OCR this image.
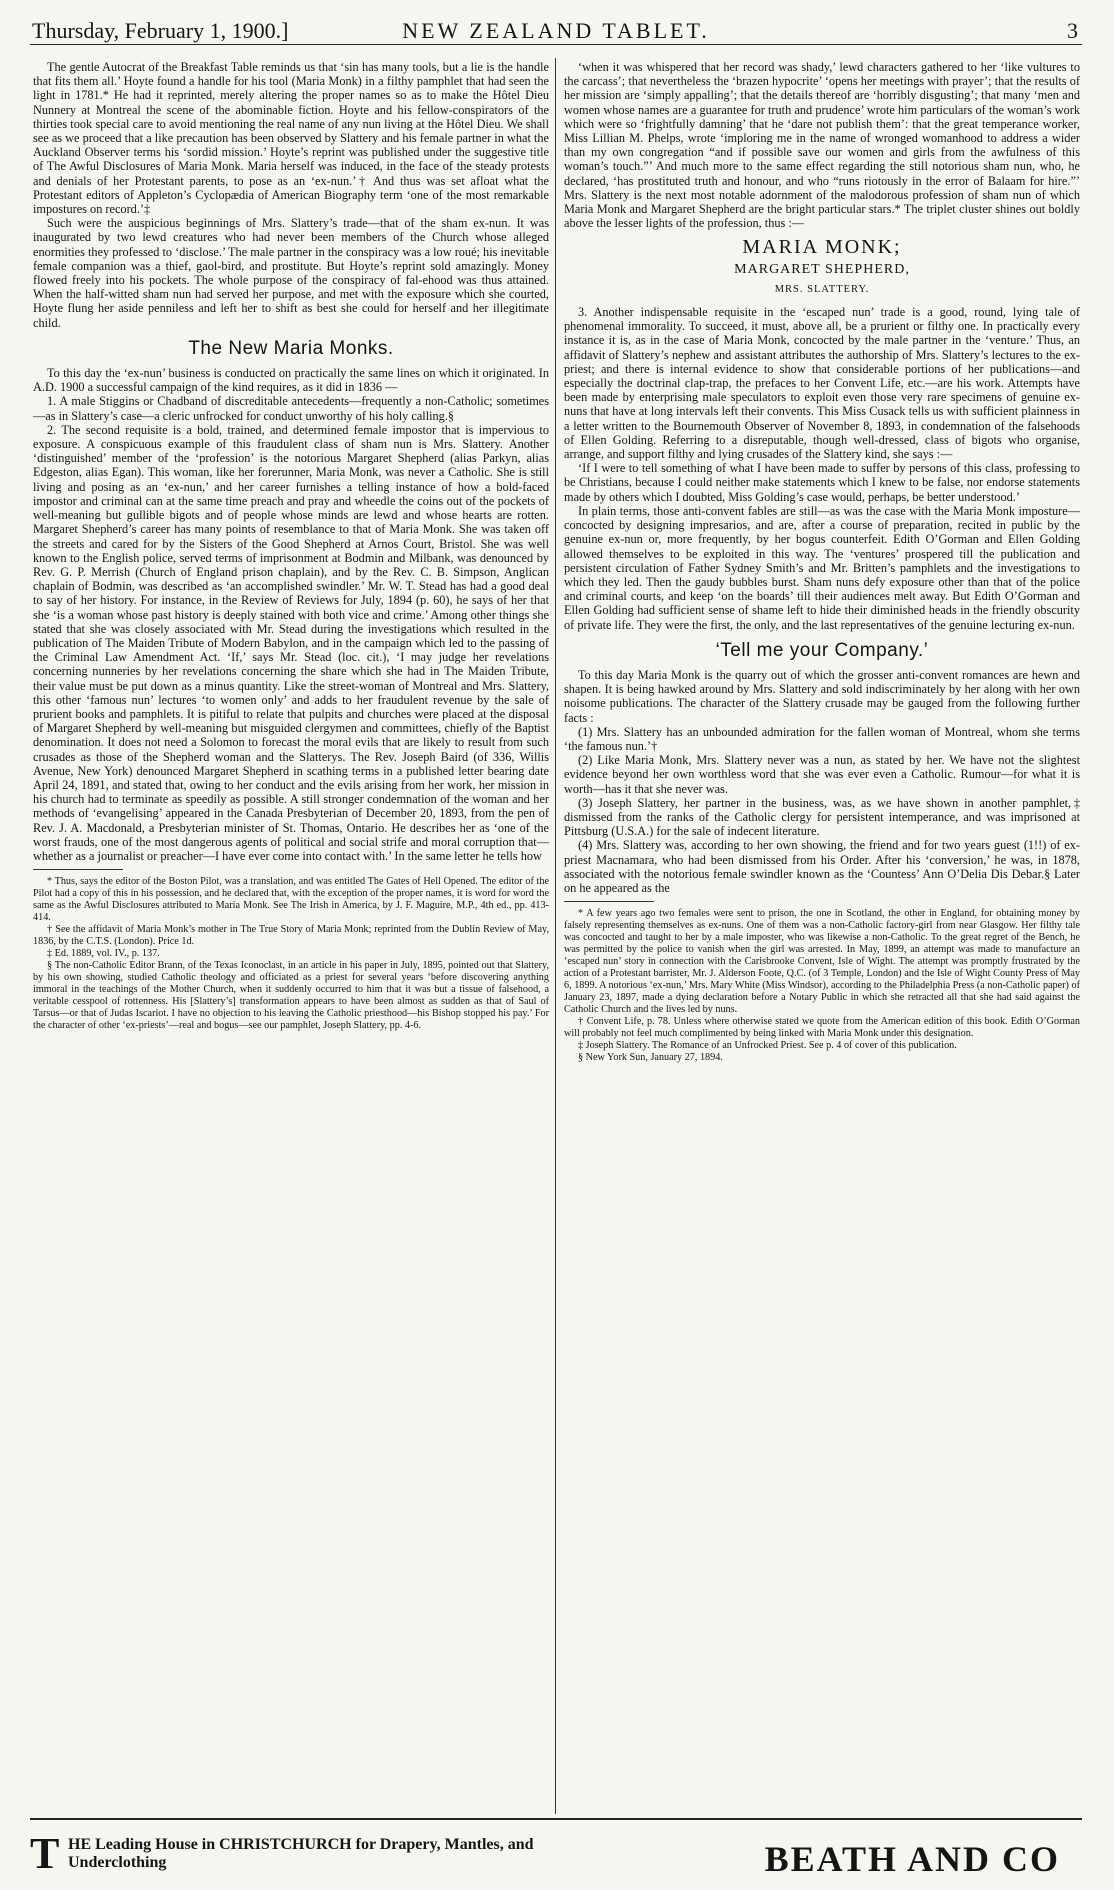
Thursday, February 1, 1900.]	NEW ZEALAND TABLET.	3

The gentle Autocrat of the Breakfast Table reminds us that ‘sin has many tools, but a lie is the handle that fits them all.’ Hoyte found a handle for his tool (Maria Monk) in a filthy pamphlet that had seen the light in 1781.* He had it reprinted, merely altering the proper names so as to make the Hôtel Dieu Nunnery at Montreal the scene of the abominable fiction. Hoyte and his fellow-conspirators of the thirties took special care to avoid mentioning the real name of any nun living at the Hôtel Dieu. We shall see as we proceed that a like precaution has been observed by Slattery and his female partner in what the Auckland Observer terms his ‘sordid mission.’ Hoyte’s reprint was published under the suggestive title of The Awful Disclosures of Maria Monk. Maria herself was induced, in the face of the steady protests and denials of her Protestant parents, to pose as an ‘ex-nun.’† And thus was set afloat what the Protestant editors of Appleton’s Cyclopædia of American Biography term ‘one of the most remarkable impostures on record.’‡

Such were the auspicious beginnings of Mrs. Slattery’s trade—that of the sham ex-nun. It was inaugurated by two lewd creatures who had never been members of the Church whose alleged enormities they professed to ‘disclose.’ The male partner in the conspiracy was a low roué; his inevitable female companion was a thief, gaol-bird, and prostitute. But Hoyte’s reprint sold amazingly. Money flowed freely into his pockets. The whole purpose of the conspiracy of fal-ehood was thus attained. When the half-witted sham nun had served her purpose, and met with the exposure which she courted, Hoyte flung her aside penniless and left her to shift as best she could for herself and her illegitimate child.

The New Maria Monks.

To this day the ‘ex-nun’ business is conducted on practically the same lines on which it originated. In A.D. 1900 a successful campaign of the kind requires, as it did in 1836 —

1. A male Stiggins or Chadband of discreditable antecedents—frequently a non-Catholic; sometimes—as in Slattery’s case—a cleric unfrocked for conduct unworthy of his holy calling.§

2. The second requisite is a bold, trained, and determined female impostor that is impervious to exposure. A conspicuous example of this fraudulent class of sham nun is Mrs. Slattery. Another ‘distinguished’ member of the ‘profession’ is the notorious Margaret Shepherd (alias Parkyn, alias Edgeston, alias Egan). This woman, like her forerunner, Maria Monk, was never a Catholic. She is still living and posing as an ‘ex-nun,’ and her career furnishes a telling instance of how a bold-faced impostor and criminal can at the same time preach and pray and wheedle the coins out of the pockets of well-meaning but gullible bigots and of people whose minds are lewd and whose hearts are rotten. Margaret Shepherd’s career has many points of resemblance to that of Maria Monk. She was taken off the streets and cared for by the Sisters of the Good Shepherd at Arnos Court, Bristol. She was well known to the English police, served terms of imprisonment at Bodmin and Milbank, was denounced by Rev. G. P. Merrish (Church of England prison chaplain), and by the Rev. C. B. Simpson, Anglican chaplain of Bodmin, was described as ‘an accomplished swindler.’ Mr. W. T. Stead has had a good deal to say of her history. For instance, in the Review of Reviews for July, 1894 (p. 60), he says of her that she ‘is a woman whose past history is deeply stained with both vice and crime.’ Among other things she stated that she was closely associated with Mr. Stead during the investigations which resulted in the publication of The Maiden Tribute of Modern Babylon, and in the campaign which led to the passing of the Criminal Law Amendment Act. ‘If,’ says Mr. Stead (loc. cit.), ‘I may judge her revelations concerning nunneries by her revelations concerning the share which she had in The Maiden Tribute, their value must be put down as a minus quantity. Like the street-woman of Montreal and Mrs. Slattery, this other ‘famous nun’ lectures ‘to women only’ and adds to her fraudulent revenue by the sale of prurient books and pamphlets. It is pitiful to relate that pulpits and churches were placed at the disposal of Margaret Shepherd by well-meaning but misguided clergymen and committees, chiefly of the Baptist denomination. It does not need a Solomon to forecast the moral evils that are likely to result from such crusades as those of the Shepherd woman and the Slatterys. The Rev. Joseph Baird (of 336, Willis Avenue, New York) denounced Margaret Shepherd in scathing terms in a published letter bearing date April 24, 1891, and stated that, owing to her conduct and the evils arising from her work, her mission in his church had to terminate as speedily as possible. A still stronger condemnation of the woman and her methods of ‘evangelising’ appeared in the Canada Presbyterian of December 20, 1893, from the pen of Rev. J. A. Macdonald, a Presbyterian minister of St. Thomas, Ontario. He describes her as ‘one of the worst frauds, one of the most dangerous agents of political and social strife and moral corruption that—whether as a journalist or preacher—I have ever come into contact with.’ In the same letter he tells how

* Thus, says the editor of the Boston Pilot, was a translation, and was entitled The Gates of Hell Opened. The editor of the Pilot had a copy of this in his possession, and he declared that, with the exception of the proper names, it is word for word the same as the Awful Disclosures attributed to Maria Monk. See The Irish in America, by J. F. Maguire, M.P., 4th ed., pp. 413-414.

† See the affidavit of Maria Monk’s mother in The True Story of Maria Monk; reprinted from the Dublin Review of May, 1836, by the C.T.S. (London). Price 1d.

‡ Ed. 1889, vol. IV., p. 137.

§ The non-Catholic Editor Brann, of the Texas Iconoclast, in an article in his paper in July, 1895, pointed out that Slattery, by his own showing, studied Catholic theology and officiated as a priest for several years ‘before discovering anything immoral in the teachings of the Mother Church, when it suddenly occurred to him that it was but a tissue of falsehood, a veritable cesspool of rottenness. His [Slattery’s] transformation appears to have been almost as sudden as that of Saul of Tarsus—or that of Judas Iscariot. I have no objection to his leaving the Catholic priesthood—his Bishop stopped his pay.’ For the character of other ‘ex-priests’—real and bogus—see our pamphlet, Joseph Slattery, pp. 4-6.

‘when it was whispered that her record was shady,’ lewd characters gathered to her ‘like vultures to the carcass’; that nevertheless the ‘brazen hypocrite’ ‘opens her meetings with prayer’; that the results of her mission are ‘simply appalling’; that the details thereof are ‘horribly disgusting’; that many ‘men and women whose names are a guarantee for truth and prudence’ wrote him particulars of the woman’s work which were so ‘frightfully damning’ that he ‘dare not publish them’: that the great temperance worker, Miss Lillian M. Phelps, wrote ‘imploring me in the name of wronged womanhood to address a wider than my own congregation “and if possible save our women and girls from the awfulness of this woman’s touch.”’ And much more to the same effect regarding the still notorious sham nun, who, he declared, ‘has prostituted truth and honour, and who “runs riotously in the error of Balaam for hire.”’ Mrs. Slattery is the next most notable adornment of the malodorous profession of sham nun of which Maria Monk and Margaret Shepherd are the bright particular stars.* The triplet cluster shines out boldly above the lesser lights of the profession, thus :—

MARIA MONK;
MARGARET SHEPHERD,
MRS. SLATTERY.

3. Another indispensable requisite in the ‘escaped nun’ trade is a good, round, lying tale of phenomenal immorality. To succeed, it must, above all, be a prurient or filthy one. In practically every instance it is, as in the case of Maria Monk, concocted by the male partner in the ‘venture.’ Thus, an affidavit of Slattery’s nephew and assistant attributes the authorship of Mrs. Slattery’s lectures to the ex-priest; and there is internal evidence to show that considerable portions of her publications—and especially the doctrinal clap-trap, the prefaces to her Convent Life, etc.—are his work. Attempts have been made by enterprising male speculators to exploit even those very rare specimens of genuine ex-nuns that have at long intervals left their convents. This Miss Cusack tells us with sufficient plainness in a letter written to the Bournemouth Observer of November 8, 1893, in condemnation of the falsehoods of Ellen Golding. Referring to a disreputable, though well-dressed, class of bigots who organise, arrange, and support filthy and lying crusades of the Slattery kind, she says :—

‘If I were to tell something of what I have been made to suffer by persons of this class, professing to be Christians, because I could neither make statements which I knew to be false, nor endorse statements made by others which I doubted, Miss Golding’s case would, perhaps, be better understood.’

In plain terms, those anti-convent fables are still—as was the case with the Maria Monk imposture—concocted by designing impresarios, and are, after a course of preparation, recited in public by the genuine ex-nun or, more frequently, by her bogus counterfeit. Edith O’Gorman and Ellen Golding allowed themselves to be exploited in this way. The ‘ventures’ prospered till the publication and persistent circulation of Father Sydney Smith’s and Mr. Britten’s pamphlets and the investigations to which they led. Then the gaudy bubbles burst. Sham nuns defy exposure other than that of the police and criminal courts, and keep ‘on the boards’ till their audiences melt away. But Edith O’Gorman and Ellen Golding had sufficient sense of shame left to hide their diminished heads in the friendly obscurity of private life. They were the first, the only, and the last representatives of the genuine lecturing ex-nun.

‘Tell me your Company.’

To this day Maria Monk is the quarry out of which the grosser anti-convent romances are hewn and shapen. It is being hawked around by Mrs. Slattery and sold indiscriminately by her along with her own noisome publications. The character of the Slattery crusade may be gauged from the following further facts :

(1) Mrs. Slattery has an unbounded admiration for the fallen woman of Montreal, whom she terms ‘the famous nun.’†

(2) Like Maria Monk, Mrs. Slattery never was a nun, as stated by her. We have not the slightest evidence beyond her own worthless word that she was ever even a Catholic. Rumour—for what it is worth—has it that she never was.

(3) Joseph Slattery, her partner in the business, was, as we have shown in another pamphlet,‡ dismissed from the ranks of the Catholic clergy for persistent intemperance, and was imprisoned at Pittsburg (U.S.A.) for the sale of indecent literature.

(4) Mrs. Slattery was, according to her own showing, the friend and for two years guest (1!!) of ex-priest Macnamara, who had been dismissed from his Order. After his ‘conversion,’ he was, in 1878, associated with the notorious female swindler known as the ‘Countess’ Ann O’Delia Dis Debar.§ Later on he appeared as the

* A few years ago two females were sent to prison, the one in Scotland, the other in England, for obtaining money by falsely representing themselves as ex-nuns. One of them was a non-Catholic factory-girl from near Glasgow. Her filthy tale was concocted and taught to her by a male imposter, who was likewise a non-Catholic. To the great regret of the Bench, he was permitted by the police to vanish when the girl was arrested. In May, 1899, an attempt was made to manufacture an ‘escaped nun’ story in connection with the Carisbrooke Convent, Isle of Wight. The attempt was promptly frustrated by the action of a Protestant barrister, Mr. J. Alderson Foote, Q.C. (of 3 Temple, London) and the Isle of Wight County Press of May 6, 1899. A notorious ‘ex-nun,’ Mrs. Mary White (Miss Windsor), according to the Philadelphia Press (a non-Catholic paper) of January 23, 1897, made a dying declaration before a Notary Public in which she retracted all that she had said against the Catholic Church and the lives led by nuns.

† Convent Life, p. 78. Unless where otherwise stated we quote from the American edition of this book. Edith O’Gorman will probably not feel much complimented by being linked with Maria Monk under this designation.

‡ Joseph Slattery. The Romance of an Unfrocked Priest. See p. 4 of cover of this publication.

§ New York Sun, January 27, 1894.

T HE Leading House in CHRISTCHURCH for Drapery, Mantles, and Underclothing	BEATH AND CO
